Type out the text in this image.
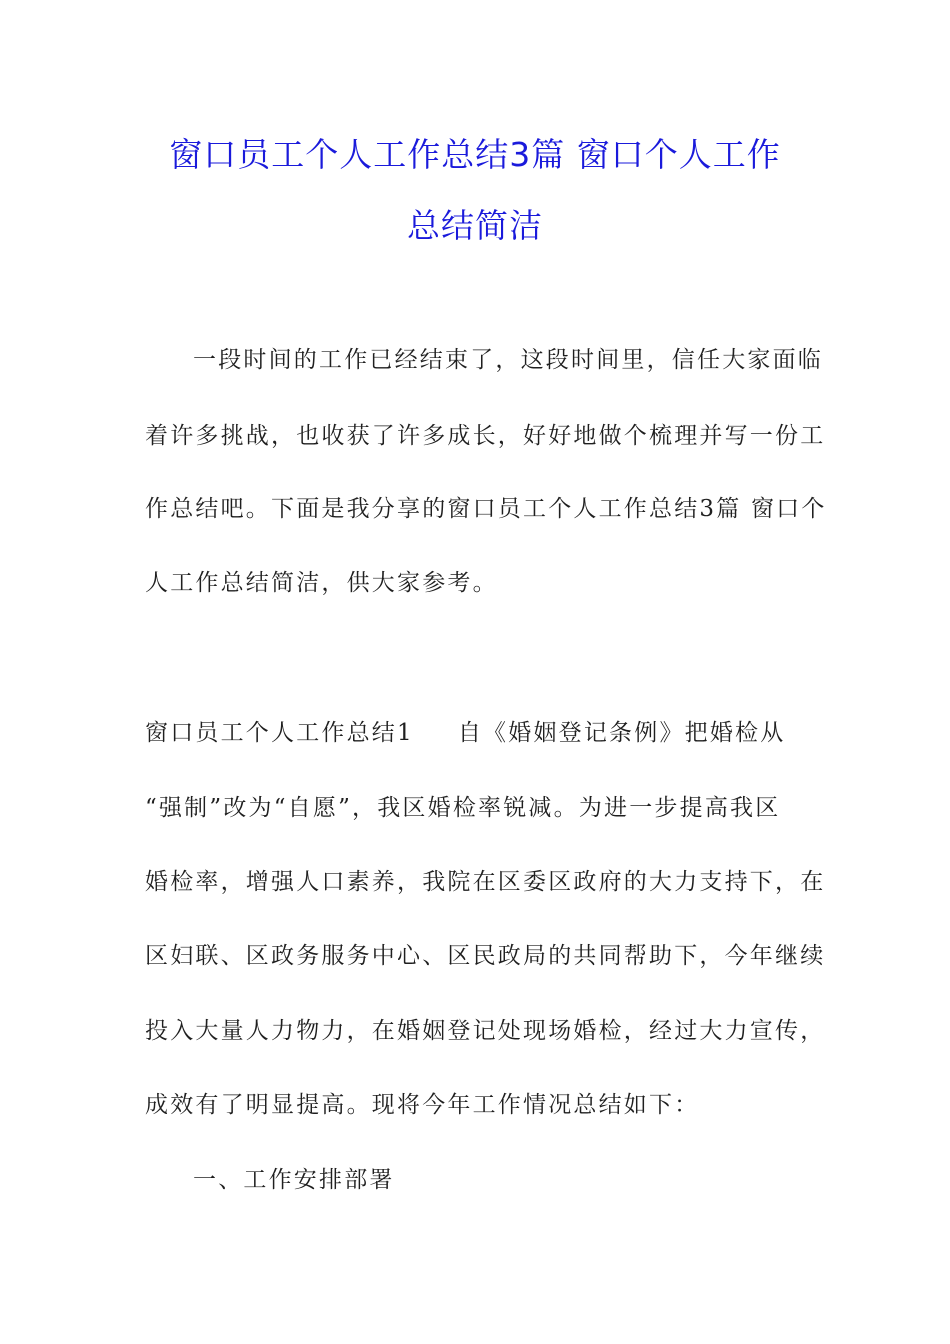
窗口员工个人工作总结3篇 窗口个人工作
总结简洁
一段时间的工作已经结束了，这段时间里，信任大家面临
着许多挑战，也收获了许多成长，好好地做个梳理并写一份工
作总结吧。下面是我分享的窗口员工个人工作总结3篇 窗口个
人工作总结简洁，供大家参考。
窗口员工个人工作总结1 自《婚姻登记条例》把婚检从
“强制”改为“自愿”，我区婚检率锐减。为进一步提高我区
婚检率，增强人口素养，我院在区委区政府的大力支持下，在
区妇联、区政务服务中心、区民政局的共同帮助下，今年继续
投入大量人力物力，在婚姻登记处现场婚检，经过大力宣传，
成效有了明显提高。现将今年工作情况总结如下：
一、工作安排部署
